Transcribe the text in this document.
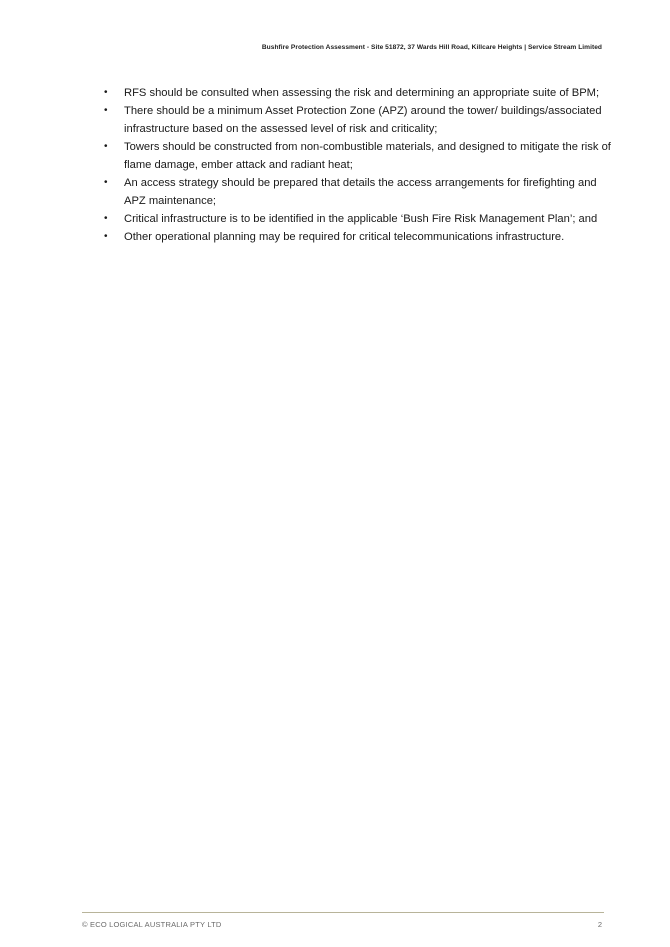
Bushfire Protection Assessment - Site 51872, 37 Wards Hill Road, Killcare Heights | Service Stream Limited
• RFS should be consulted when assessing the risk and determining an appropriate suite of BPM;
• There should be a minimum Asset Protection Zone (APZ) around the tower/ buildings/associated infrastructure based on the assessed level of risk and criticality;
• Towers should be constructed from non-combustible materials, and designed to mitigate the risk of flame damage, ember attack and radiant heat;
• An access strategy should be prepared that details the access arrangements for firefighting and APZ maintenance;
• Critical infrastructure is to be identified in the applicable ‘Bush Fire Risk Management Plan’; and
• Other operational planning may be required for critical telecommunications infrastructure.
© ECO LOGICAL AUSTRALIA PTY LTD	2
